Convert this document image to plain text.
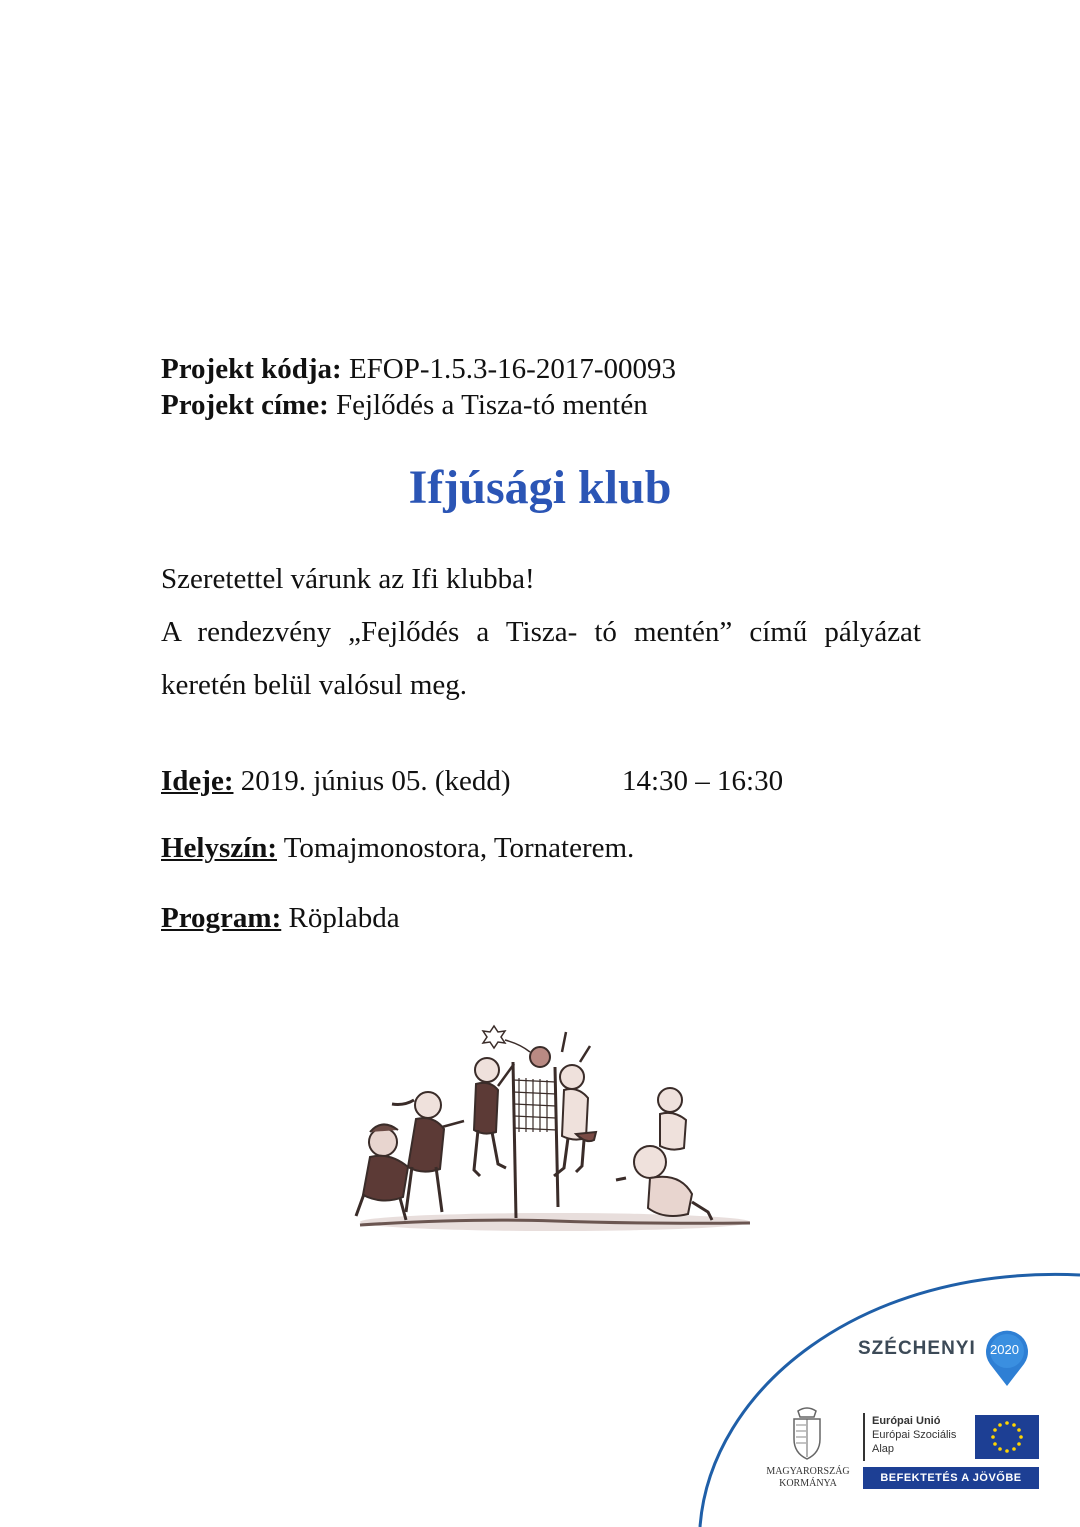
Projekt kódja: EFOP-1.5.3-16-2017-00093
Projekt címe: Fejlődés a Tisza-tó mentén
Ifjúsági klub

Szeretettel várunk az Ifi klubba!

A rendezvény „Fejlődés a Tisza- tó mentén” című pályázat

keretén belül valósul meg.

Ideje: 2019. június 05. (kedd)	14:30 – 16:30
Helyszín: Tomajmonostora, Tornaterem.
Program: Röplabda
SZÉCHENYI 2020
MAGYARORSZÁG
KORMÁNYA
Európai Unió
Európai Szociális
Alap
BEFEKTETÉS A JÖVŐBE
